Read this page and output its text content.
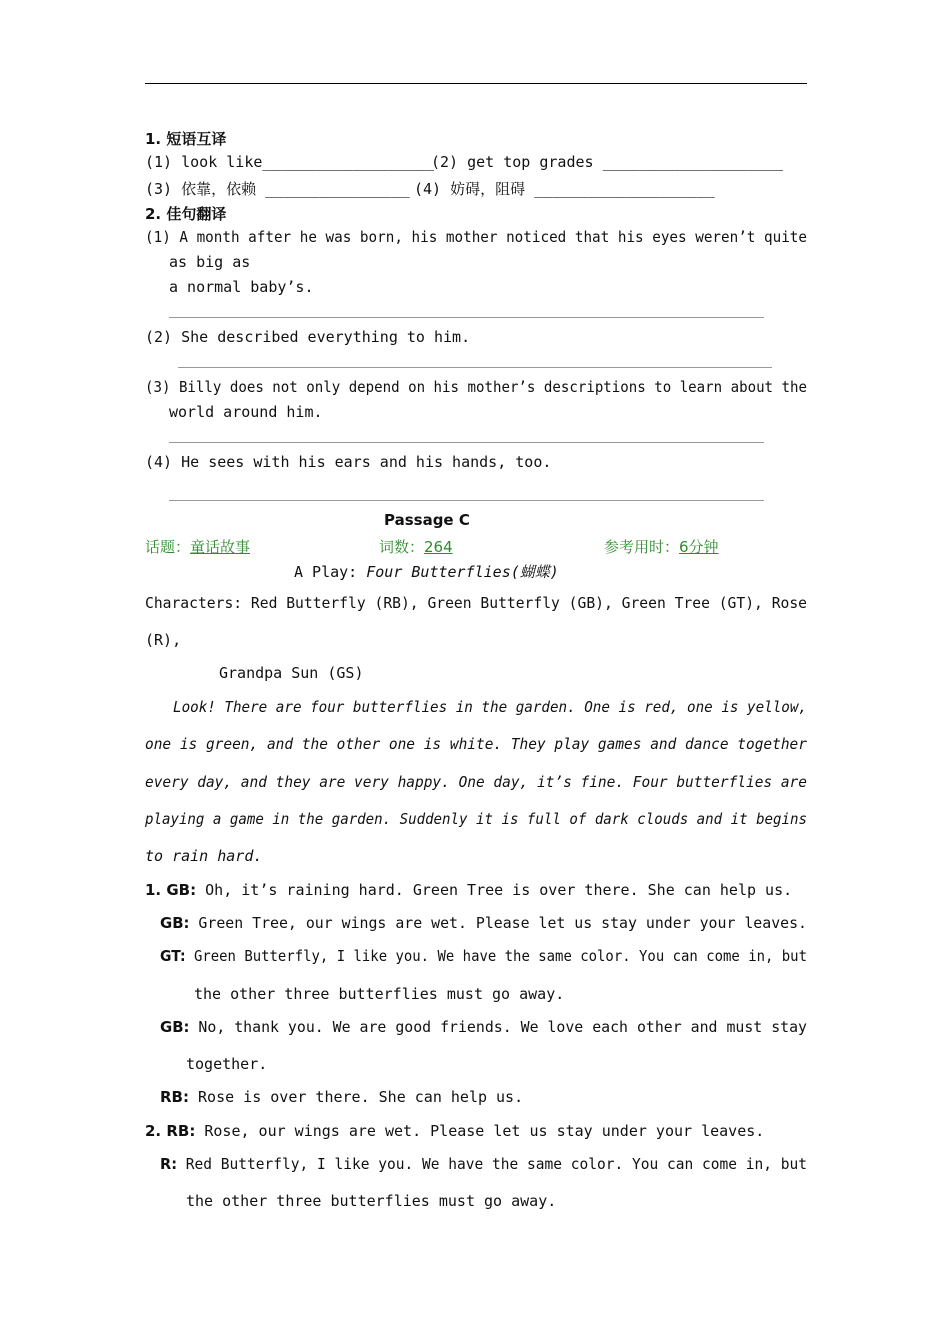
1. 短语互译
(1) look like___________________
(2) get top grades ____________________
(3) 依靠，依赖 ________________ (4) 妨碍，阻碍 ____________________
2. 佳句翻译
(1) A month after he was born, his mother noticed that his eyes weren’t quite
as big as
a normal baby’s.
(2) She described everything to him.
(3) Billy does not only depend on his mother’s descriptions to learn about the
world around him.
(4) He sees with his ears and his hands, too.
Passage C
话题：童话故事	词数：264	参考用时：6分钟
A Play: Four Butterflies(蝴蝶)
Characters: Red Butterfly (RB), Green Butterfly (GB), Green Tree (GT), Rose
(R),
Grandpa Sun (GS)
Look! There are four butterflies in the garden. One is red, one is yellow,
one is green, and the other one is white. They play games and dance together
every day, and they are very happy. One day, it’s fine. Four butterflies are
playing a game in the garden. Suddenly it is full of dark clouds and it begins
to rain hard.
1. GB: Oh, it’s raining hard. Green Tree is over there. She can help us.
GB: Green Tree, our wings are wet. Please let us stay under your leaves.
GT: Green Butterfly, I like you. We have the same color. You can come in, but
the other three butterflies must go away.
GB: No, thank you. We are good friends. We love each other and must stay
together.
RB: Rose is over there. She can help us.
2. RB: Rose, our wings are wet. Please let us stay under your leaves.
R: Red Butterfly, I like you. We have the same color. You can come in, but
the other three butterflies must go away.
